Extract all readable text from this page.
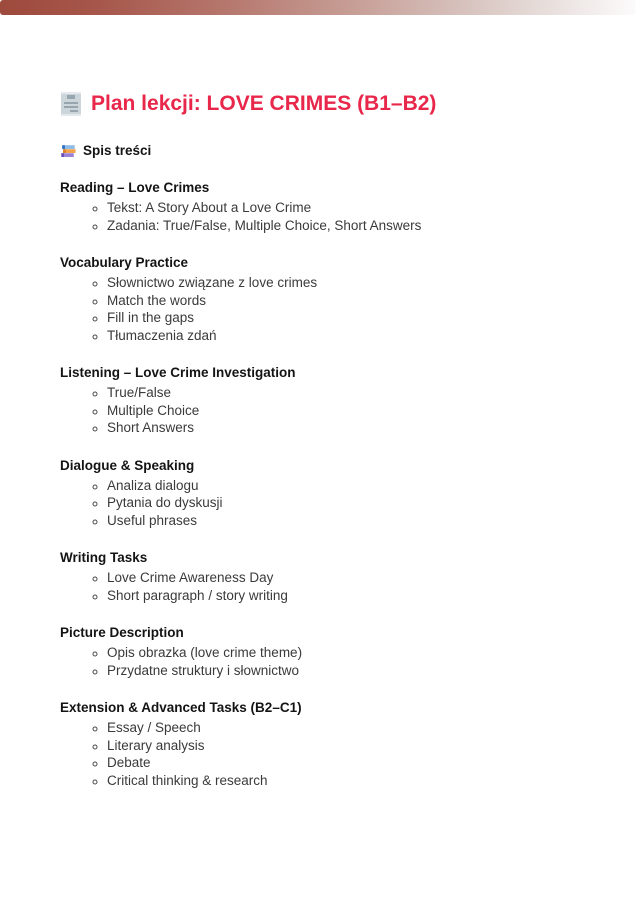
Plan lekcji: LOVE CRIMES (B1–B2)
Spis treści
Reading – Love Crimes
◦ Tekst: A Story About a Love Crime
◦ Zadania: True/False, Multiple Choice, Short Answers
Vocabulary Practice
◦ Słownictwo związane z love crimes
◦ Match the words
◦ Fill in the gaps
◦ Tłumaczenia zdań
Listening – Love Crime Investigation
◦ True/False
◦ Multiple Choice
◦ Short Answers
Dialogue & Speaking
◦ Analiza dialogu
◦ Pytania do dyskusji
◦ Useful phrases
Writing Tasks
◦ Love Crime Awareness Day
◦ Short paragraph / story writing
Picture Description
◦ Opis obrazka (love crime theme)
◦ Przydatne struktury i słownictwo
Extension & Advanced Tasks (B2–C1)
◦ Essay / Speech
◦ Literary analysis
◦ Debate
◦ Critical thinking & research
